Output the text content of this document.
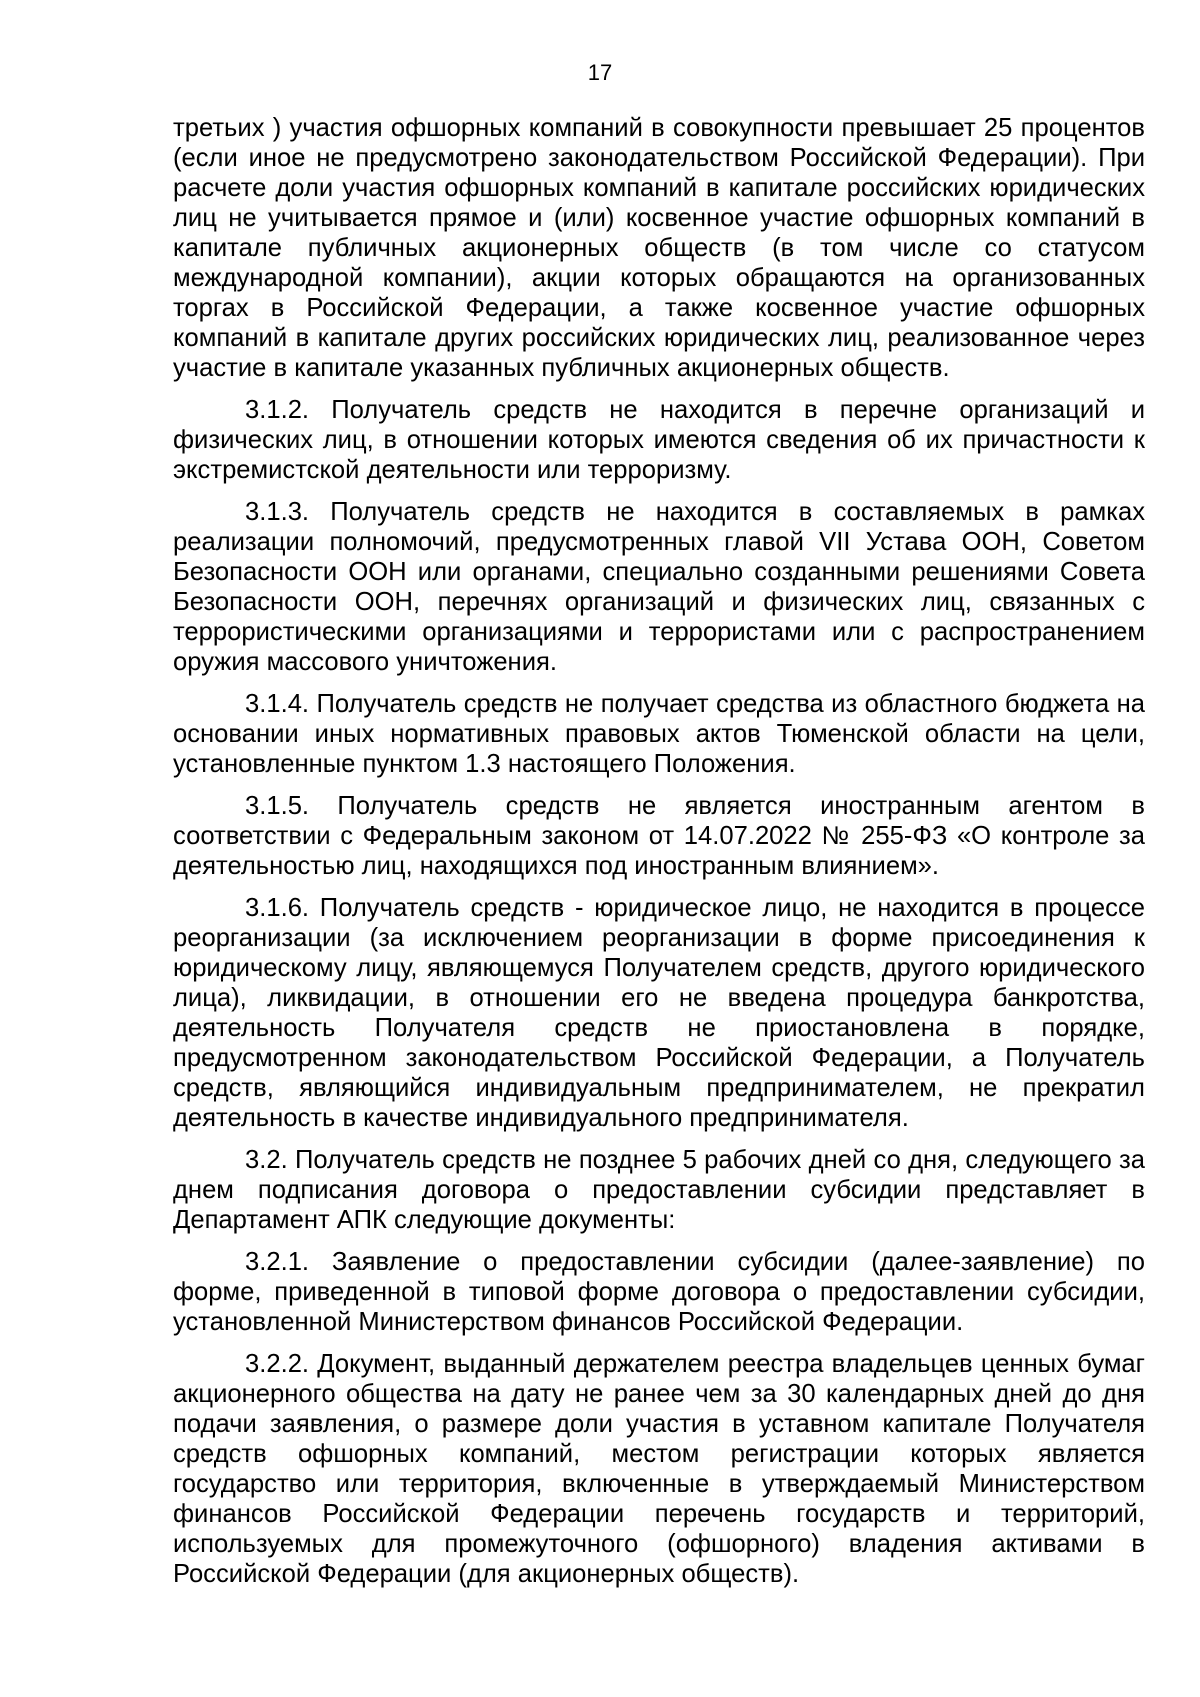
17

третьих ) участия офшорных компаний в совокупности превышает 25 процентов (если иное не предусмотрено законодательством Российской Федерации). При расчете доли участия офшорных компаний в капитале российских юридических лиц не учитывается прямое и (или) косвенное участие офшорных компаний в капитале публичных акционерных обществ (в том числе со статусом международной компании), акции которых обращаются на организованных торгах в Российской Федерации, а также косвенное участие офшорных компаний в капитале других российских юридических лиц, реализованное через участие в капитале указанных публичных акционерных обществ.

3.1.2. Получатель средств не находится в перечне организаций и физических лиц, в отношении которых имеются сведения об их причастности к экстремистской деятельности или терроризму.

3.1.3. Получатель средств не находится в составляемых в рамках реализации полномочий, предусмотренных главой VII Устава ООН, Советом Безопасности ООН или органами, специально созданными решениями Совета Безопасности ООН, перечнях организаций и физических лиц, связанных с террористическими организациями и террористами или с распространением оружия массового уничтожения.

3.1.4. Получатель средств не получает средства из областного бюджета на основании иных нормативных правовых актов Тюменской области на цели, установленные пунктом 1.3 настоящего Положения.

3.1.5. Получатель средств не является иностранным агентом в соответствии с Федеральным законом от 14.07.2022 № 255-ФЗ «О контроле за деятельностью лиц, находящихся под иностранным влиянием».

3.1.6. Получатель средств - юридическое лицо, не находится в процессе реорганизации (за исключением реорганизации в форме присоединения к юридическому лицу, являющемуся Получателем средств, другого юридического лица), ликвидации, в отношении его не введена процедура банкротства, деятельность Получателя средств не приостановлена в порядке, предусмотренном законодательством Российской Федерации, а Получатель средств, являющийся индивидуальным предпринимателем, не прекратил деятельность в качестве индивидуального предпринимателя.

3.2. Получатель средств не позднее 5 рабочих дней со дня, следующего за днем подписания договора о предоставлении субсидии представляет в Департамент АПК следующие документы:

3.2.1. Заявление о предоставлении субсидии (далее-заявление) по форме, приведенной в типовой форме договора о предоставлении субсидии, установленной Министерством финансов Российской Федерации.

3.2.2. Документ, выданный держателем реестра владельцев ценных бумаг акционерного общества на дату не ранее чем за 30 календарных дней до дня подачи заявления, о размере доли участия в уставном капитале Получателя средств офшорных компаний, местом регистрации которых является государство или территория, включенные в утверждаемый Министерством финансов Российской Федерации перечень государств и территорий, используемых для промежуточного (офшорного) владения активами в Российской Федерации (для акционерных обществ).
